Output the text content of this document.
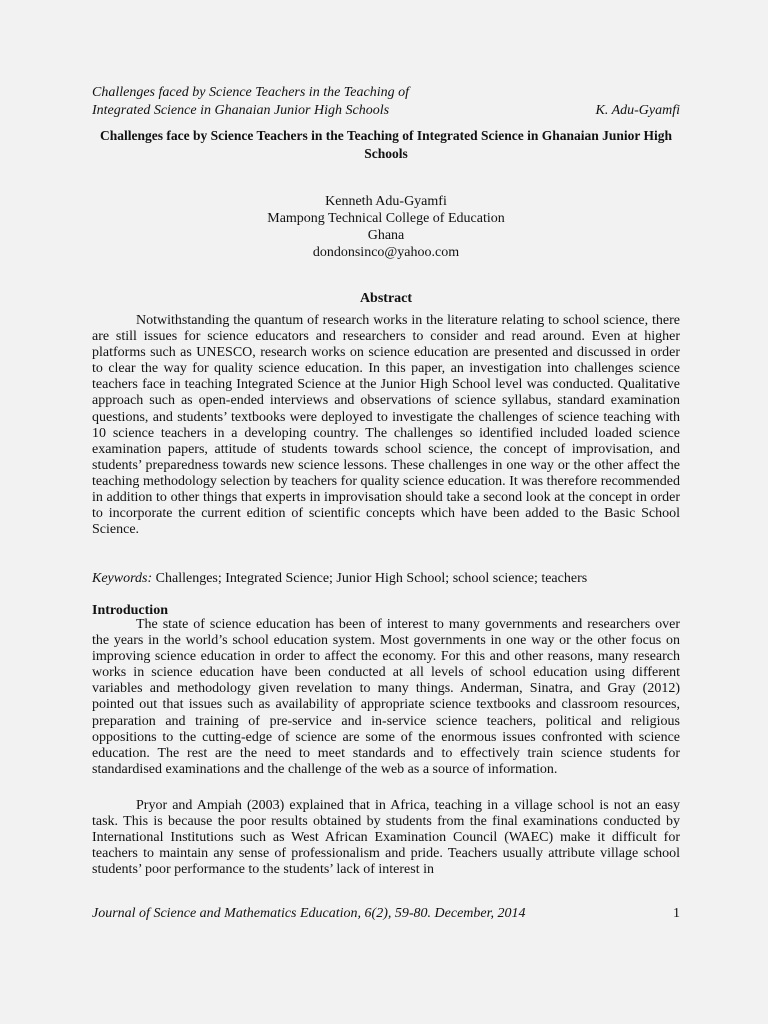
Challenges faced by Science Teachers in the Teaching of
Integrated Science in Ghanaian Junior High Schools	K. Adu-Gyamfi
Challenges face by Science Teachers in the Teaching of Integrated Science in Ghanaian Junior High Schools
Kenneth Adu-Gyamfi
Mampong Technical College of Education
Ghana
dondonsinco@yahoo.com
Abstract

Notwithstanding the quantum of research works in the literature relating to school science, there are still issues for science educators and researchers to consider and read around. Even at higher platforms such as UNESCO, research works on science education are presented and discussed in order to clear the way for quality science education. In this paper, an investigation into challenges science teachers face in teaching Integrated Science at the Junior High School level was conducted. Qualitative approach such as open-ended interviews and observations of science syllabus, standard examination questions, and students’ textbooks were deployed to investigate the challenges of science teaching with 10 science teachers in a developing country. The challenges so identified included loaded science examination papers, attitude of students towards school science, the concept of improvisation, and students’ preparedness towards new science lessons. These challenges in one way or the other affect the teaching methodology selection by teachers for quality science education. It was therefore recommended in addition to other things that experts in improvisation should take a second look at the concept in order to incorporate the current edition of scientific concepts which have been added to the Basic School Science.

Keywords: Challenges; Integrated Science; Junior High School; school science; teachers
Introduction

The state of science education has been of interest to many governments and researchers over the years in the world’s school education system. Most governments in one way or the other focus on improving science education in order to affect the economy. For this and other reasons, many research works in science education have been conducted at all levels of school education using different variables and methodology given revelation to many things. Anderman, Sinatra, and Gray (2012) pointed out that issues such as availability of appropriate science textbooks and classroom resources, preparation and training of pre-service and in-service science teachers, political and religious oppositions to the cutting-edge of science are some of the enormous issues confronted with science education. The rest are the need to meet standards and to effectively train science students for standardised examinations and the challenge of the web as a source of information.

Pryor and Ampiah (2003) explained that in Africa, teaching in a village school is not an easy task. This is because the poor results obtained by students from the final examinations conducted by International Institutions such as West African Examination Council (WAEC) make it difficult for teachers to maintain any sense of professionalism and pride. Teachers usually attribute village school students’ poor performance to the students’ lack of interest in

Journal of Science and Mathematics Education, 6(2), 59-80. December, 2014	1
